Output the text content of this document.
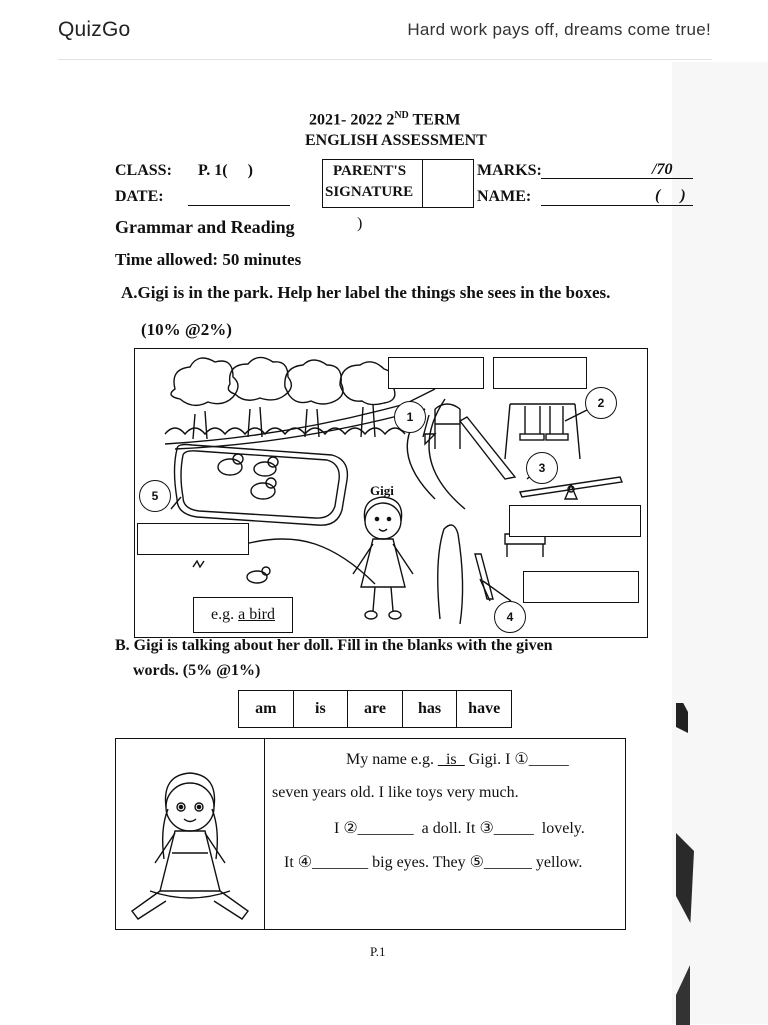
QuizGo	Hard work pays off, dreams come true!
2021- 2022 2ND TERM
ENGLISH ASSESSMENT
CLASS: P. 1(     )
DATE:
PARENT'S
SIGNATURE
MARKS:	/70
NAME:	(     )
Grammar and Reading	)
Time allowed: 50 minutes
A.Gigi is in the park. Help her label the things she sees in the boxes.
(10% @2%)
e.g.
a bird
Gigi
1
2
3
4
5
B. Gigi is talking about her doll. Fill in the blanks with the given
words. (5% @1%)
am	is	are	has	have
My name e.g. _is_ Gigi. I ①_____
seven years old. I like toys very much.
I ②_______  a doll. It ③_____  lovely.
It ④_______ big eyes. They ⑤______ yellow.
P.1
